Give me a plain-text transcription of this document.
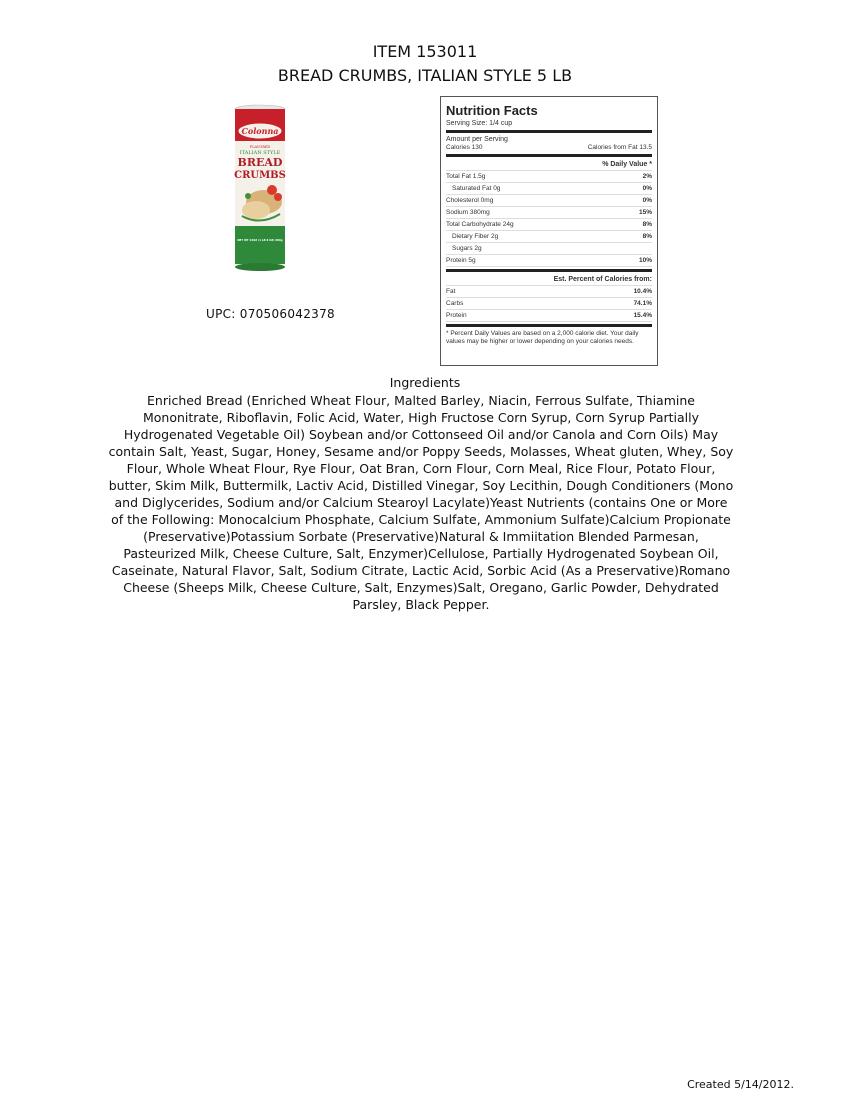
ITEM 153011
BREAD CRUMBS, ITALIAN STYLE 5 LB
Colonna
FLAVORED
ITALIAN STYLE
BREAD
CRUMBS
NET WT 24OZ (1 LB 8 OZ) 680g
UPC: 070506042378
Nutrition Facts
Serving Size: 1/4 cup
Amount per Serving
Calories 130	Calories from Fat 13.5
% Daily Value *
Total Fat 1.5g	2%
Saturated Fat 0g	0%
Cholesterol 0mg	0%
Sodium 380mg	15%
Total Carbohydrate 24g	8%
Dietary Fiber 2g	8%
Sugars 2g
Protein 5g	10%
Est. Percent of Calories from:
Fat	10.4%
Carbs	74.1%
Protein	15.4%
* Percent Daily Values are based on a 2,000 calorie diet. Your daily values may be higher or lower depending on your calories needs.
Ingredients
Enriched Bread (Enriched Wheat Flour, Malted Barley, Niacin, Ferrous Sulfate, Thiamine Mononitrate, Riboflavin, Folic Acid, Water, High Fructose Corn Syrup, Corn Syrup Partially Hydrogenated Vegetable Oil) Soybean and/or Cottonseed Oil and/or Canola and Corn Oils) May contain Salt, Yeast, Sugar, Honey, Sesame and/or Poppy Seeds, Molasses, Wheat gluten, Whey, Soy Flour, Whole Wheat Flour, Rye Flour, Oat Bran, Corn Flour, Corn Meal, Rice Flour, Potato Flour, butter, Skim Milk, Buttermilk, Lactiv Acid, Distilled Vinegar, Soy Lecithin, Dough Conditioners (Mono and Diglycerides, Sodium and/or Calcium Stearoyl Lacylate)Yeast Nutrients (contains One or More of the Following: Monocalcium Phosphate, Calcium Sulfate, Ammonium Sulfate)Calcium Propionate (Preservative)Potassium Sorbate (Preservative)Natural & Immiitation Blended Parmesan, Pasteurized Milk, Cheese Culture, Salt, Enzymer)Cellulose, Partially Hydrogenated Soybean Oil, Caseinate, Natural Flavor, Salt, Sodium Citrate, Lactic Acid, Sorbic Acid (As a Preservative)Romano Cheese (Sheeps Milk, Cheese Culture, Salt, Enzymes)Salt, Oregano, Garlic Powder, Dehydrated Parsley, Black Pepper.
Created 5/14/2012.
